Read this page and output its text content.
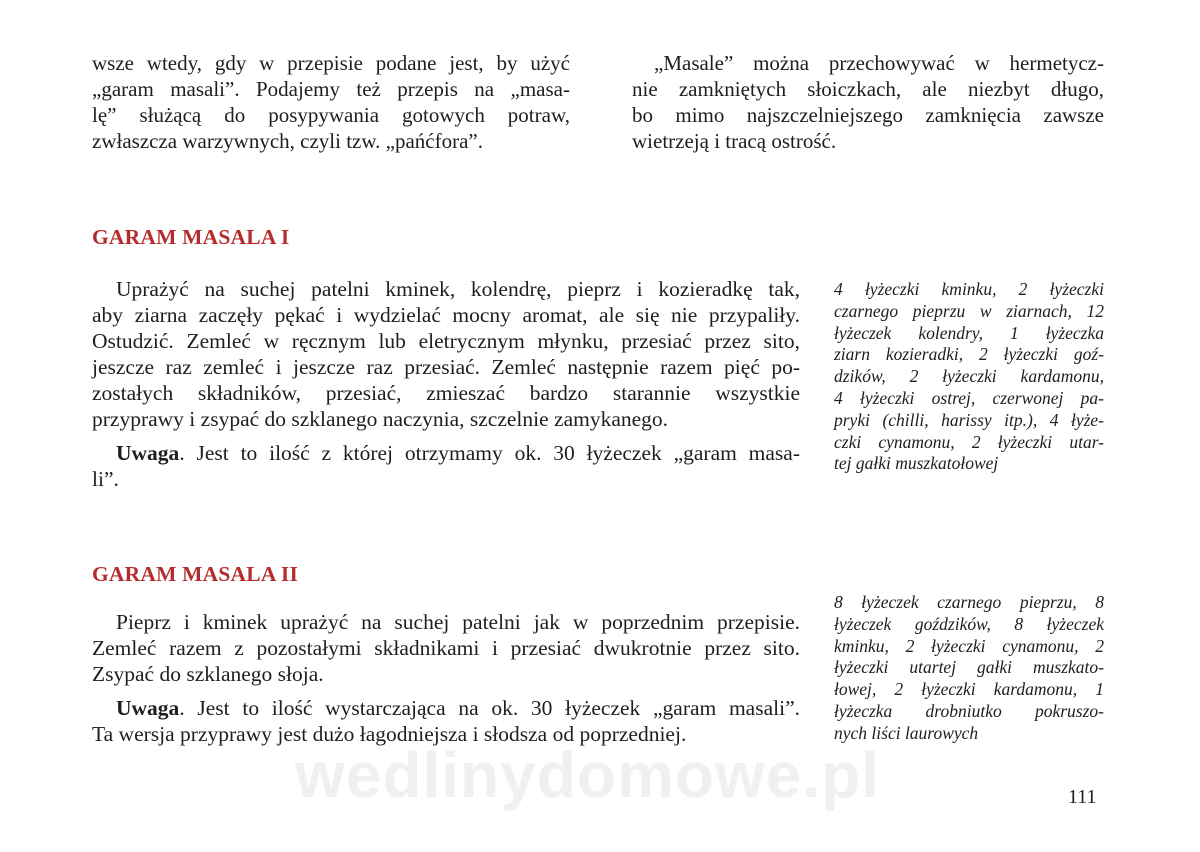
wsze wtedy, gdy w przepisie podane jest, by użyć
„garam masali”. Podajemy też przepis na „masa-
lę” służącą do posypywania gotowych potraw,
zwłaszcza warzywnych, czyli tzw. „pańćfora”.
„Masale” można przechowywać w hermetycz-
nie zamkniętych słoiczkach, ale niezbyt długo,
bo mimo najszczelniejszego zamknięcia zawsze
wietrzeją i tracą ostrość.
GARAM MASALA I
Uprażyć na suchej patelni kminek, kolendrę, pieprz i kozieradkę tak,
aby ziarna zaczęły pękać i wydzielać mocny aromat, ale się nie przypaliły.
Ostudzić. Zemleć w ręcznym lub eletrycznym młynku, przesiać przez sito,
jeszcze raz zemleć i jeszcze raz przesiać. Zemleć następnie razem pięć po-
zostałych składników, przesiać, zmieszać bardzo starannie wszystkie
przyprawy i zsypać do szklanego naczynia, szczelnie zamykanego.
Uwaga. Jest to ilość z której otrzymamy ok. 30 łyżeczek „garam masa-
li”.
4 łyżeczki kminku, 2 łyżeczki
czarnego pieprzu w ziarnach, 12
łyżeczek kolendry, 1 łyżeczka
ziarn kozieradki, 2 łyżeczki goź-
dzików, 2 łyżeczki kardamonu,
4 łyżeczki ostrej, czerwonej pa-
pryki (chilli, harissy itp.), 4 łyże-
czki cynamonu, 2 łyżeczki utar-
tej gałki muszkatołowej
GARAM MASALA II
Pieprz i kminek uprażyć na suchej patelni jak w poprzednim przepisie.
Zemleć razem z pozostałymi składnikami i przesiać dwukrotnie przez sito.
Zsypać do szklanego słoja.
Uwaga. Jest to ilość wystarczająca na ok. 30 łyżeczek „garam masali”.
Ta wersja przyprawy jest dużo łagodniejsza i słodsza od poprzedniej.
8 łyżeczek czarnego pieprzu, 8
łyżeczek goździków, 8 łyżeczek
kminku, 2 łyżeczki cynamonu, 2
łyżeczki utartej gałki muszkato-
łowej, 2 łyżeczki kardamonu, 1
łyżeczka drobniutko pokruszo-
nych liści laurowych
wedlinydomowe.pl	111
